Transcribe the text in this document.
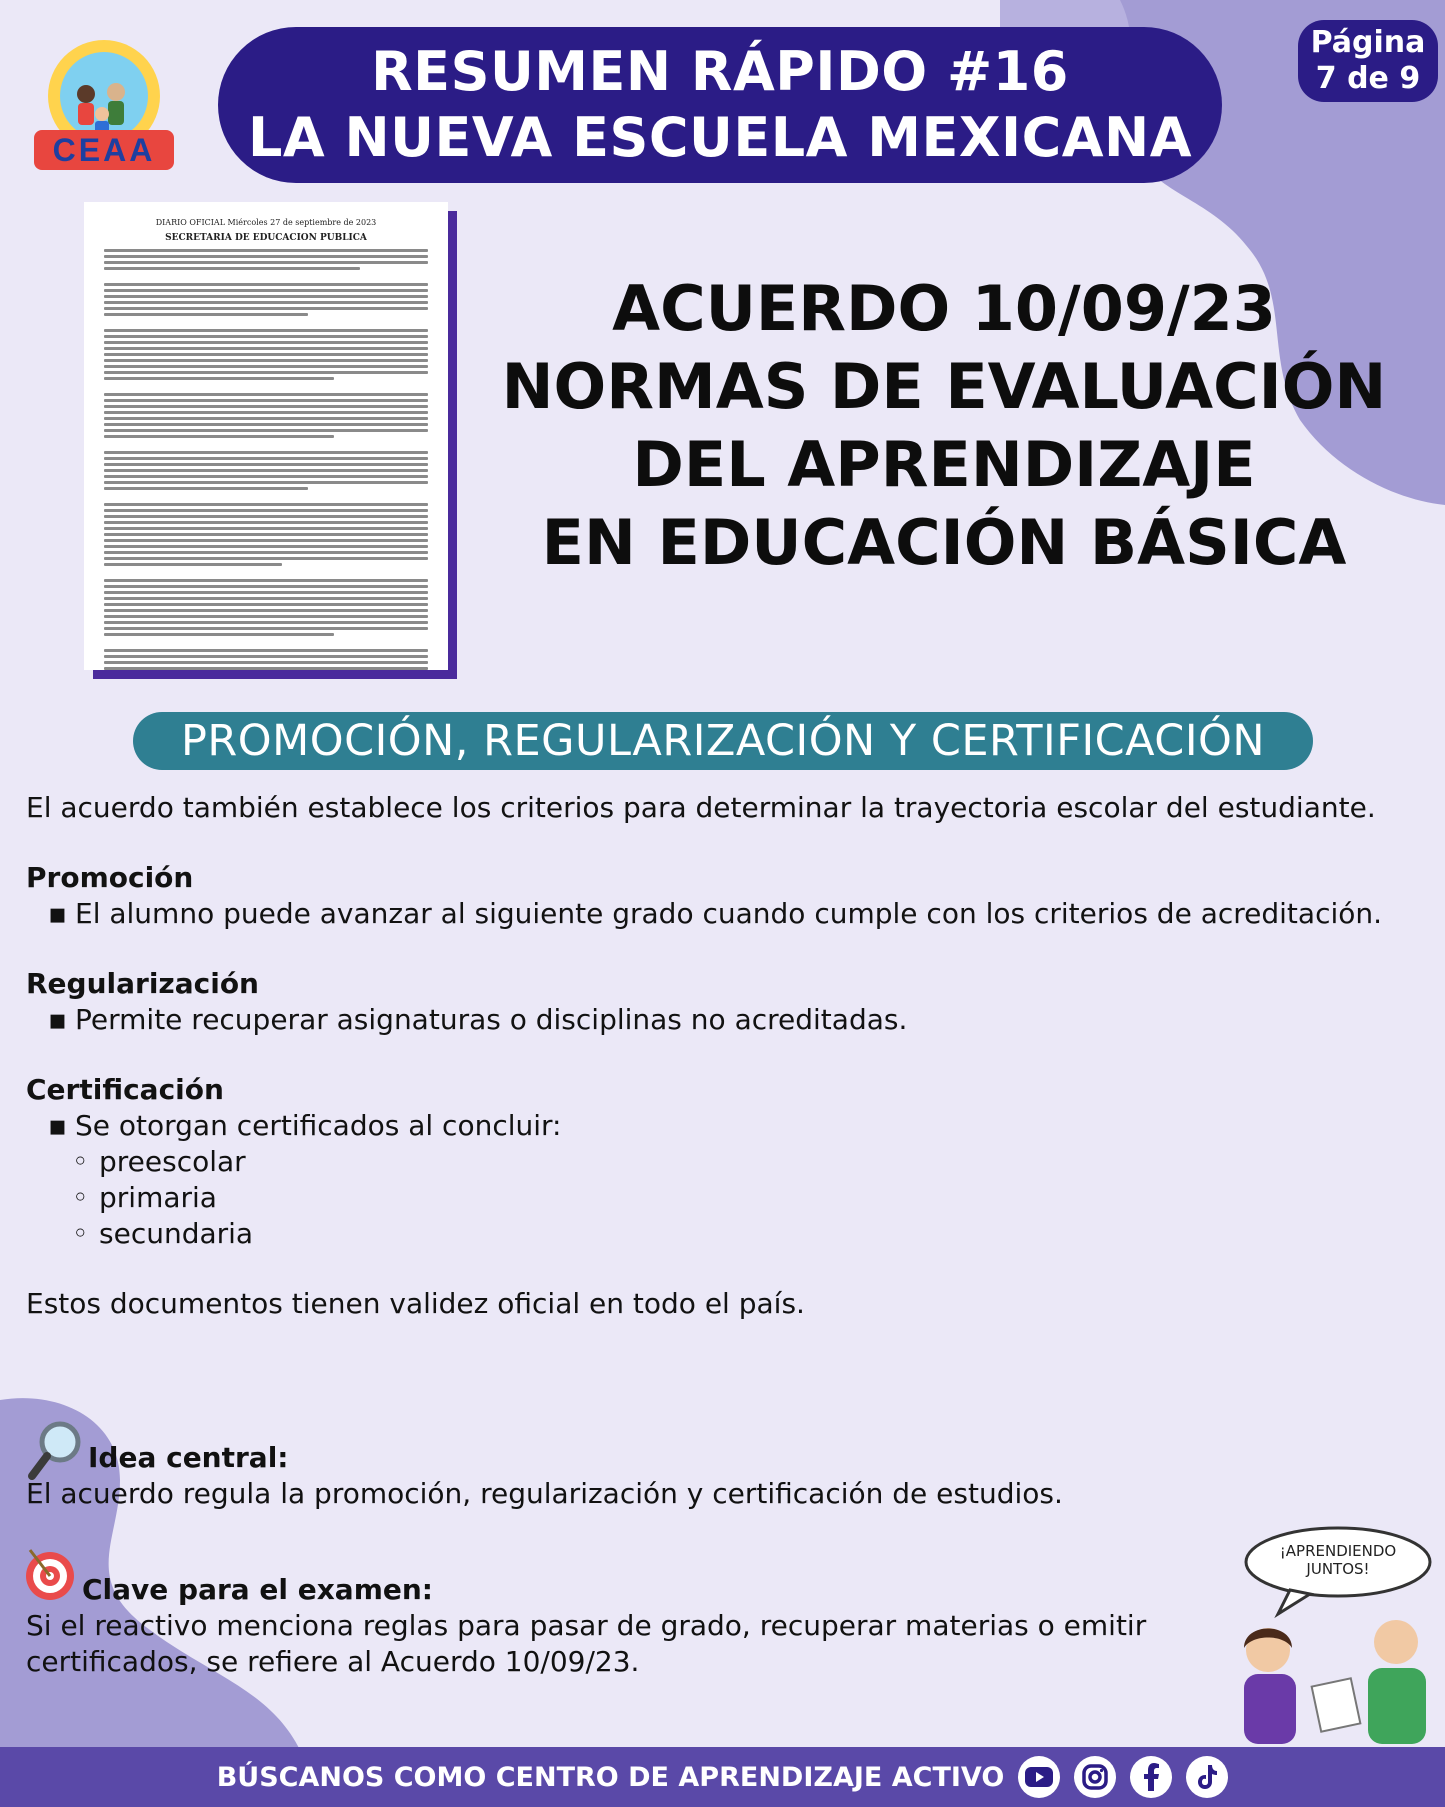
CEAA
RESUMEN RÁPIDO #16
LA NUEVA ESCUELA MEXICANA
Página
7 de 9
DIARIO OFICIAL Miércoles 27 de septiembre de 2023
SECRETARIA DE EDUCACION PUBLICA
ACUERDO 10/09/23
NORMAS DE EVALUACIÓN
DEL APRENDIZAJE
EN EDUCACIÓN BÁSICA
PROMOCIÓN, REGULARIZACIÓN Y CERTIFICACIÓN

El acuerdo también establece los criterios para determinar la trayectoria escolar del estudiante.

Promoción
▪ El alumno puede avanzar al siguiente grado cuando cumple con los criterios de acreditación.
Regularización
▪ Permite recuperar asignaturas o disciplinas no acreditadas.
Certificación
▪ Se otorgan certificados al concluir:
◦ preescolar
◦ primaria
◦ secundaria

Estos documentos tienen validez oficial en todo el país.

Idea central:
El acuerdo regula la promoción, regularización y certificación de estudios.
Clave para el examen:
Si el reactivo menciona reglas para pasar de grado, recuperar materias o emitir certificados, se refiere al Acuerdo 10/09/23.
¡APRENDIENDO
JUNTOS!
BÚSCANOS COMO CENTRO DE APRENDIZAJE ACTIVO
